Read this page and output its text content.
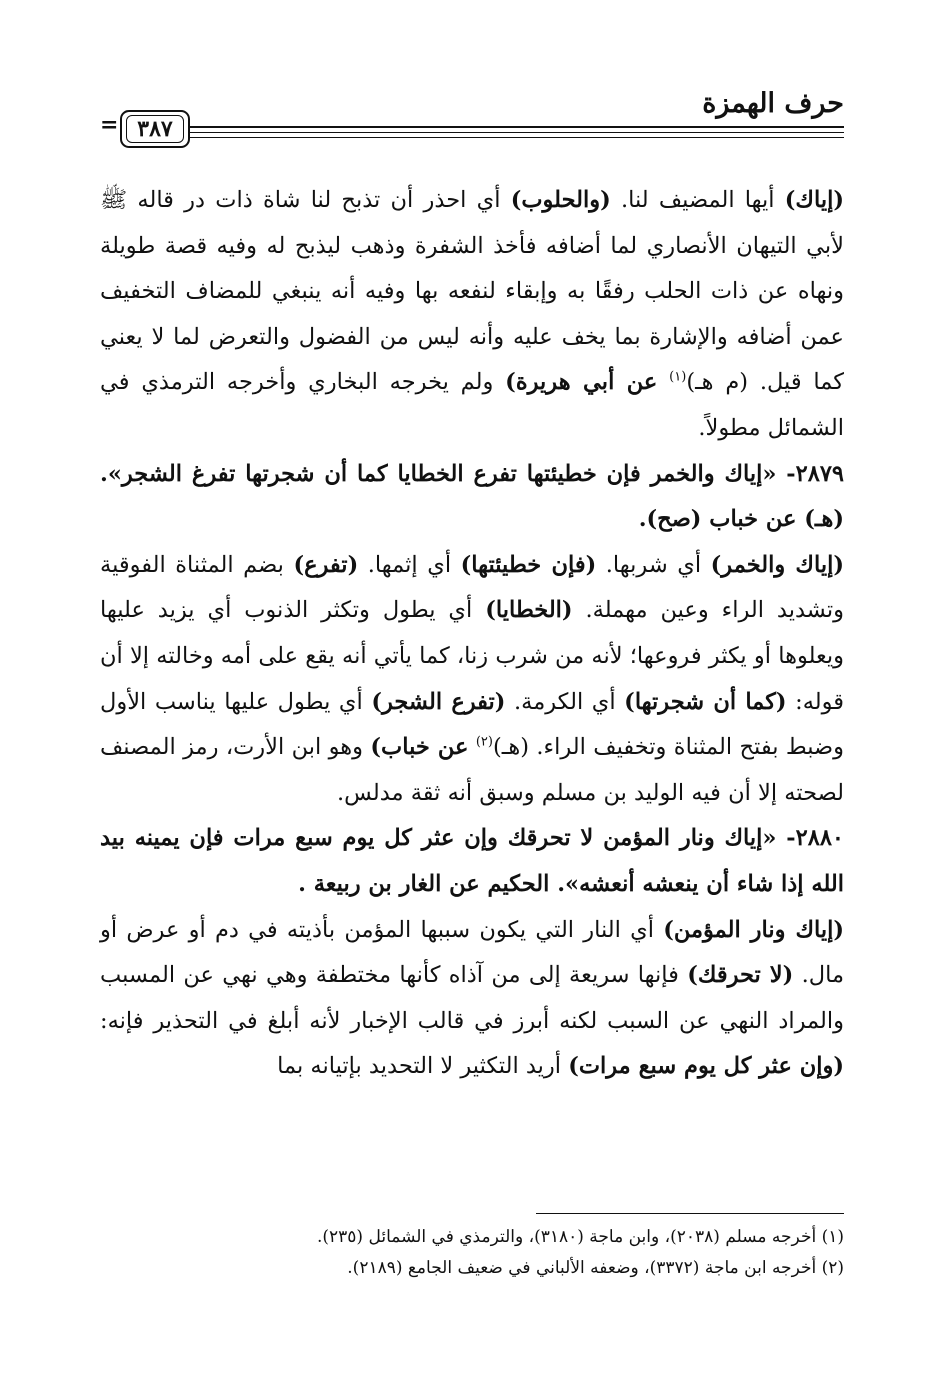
حرف الهمزة
٣٨٧
=

(إياك) أيها المضيف لنا. (والحلوب) أي احذر أن تذبح لنا شاة ذات در قاله ﷺ لأبي التيهان الأنصاري لما أضافه فأخذ الشفرة وذهب ليذبح له وفيه قصة طويلة ونهاه عن ذات الحلب رفقًا به وإبقاء لنفعه بها وفيه أنه ينبغي للمضاف التخفيف عمن أضافه والإشارة بما يخف عليه وأنه ليس من الفضول والتعرض لما لا يعني كما قيل. (م هـ)$^{(١)}$ عن أبي هريرة) ولم يخرجه البخاري وأخرجه الترمذي في الشمائل مطولاً.

٢٨٧٩- «إياك والخمر فإن خطيئتها تفرع الخطايا كما أن شجرتها تفرغ الشجر». (هـ) عن خباب (صح).

(إياك والخمر) أي شربها. (فإن خطيئتها) أي إثمها. (تفرع) بضم المثناة الفوقية وتشديد الراء وعين مهملة. (الخطايا) أي يطول وتكثر الذنوب أي يزيد عليها ويعلوها أو يكثر فروعها؛ لأنه من شرب زنا، كما يأتي أنه يقع على أمه وخالته إلا أن قوله: (كما أن شجرتها) أي الكرمة. (تفرع الشجر) أي يطول عليها يناسب الأول وضبط بفتح المثناة وتخفيف الراء. (هـ)$^{(٢)}$ عن خباب) وهو ابن الأرت، رمز المصنف لصحته إلا أن فيه الوليد بن مسلم وسبق أنه ثقة مدلس.

٢٨٨٠- «إياك ونار المؤمن لا تحرقك وإن عثر كل يوم سبع مرات فإن يمينه بيد الله إذا شاء أن ينعشه أنعشه». الحكيم عن الغار بن ربيعة .

(إياك ونار المؤمن) أي النار التي يكون سببها المؤمن بأذيته في دم أو عرض أو مال. (لا تحرقك) فإنها سريعة إلى من آذاه كأنها مختطفة وهي نهي عن المسبب والمراد النهي عن السبب لكنه أبرز في قالب الإخبار لأنه أبلغ في التحذير فإنه: (وإن عثر كل يوم سبع مرات) أريد التكثير لا التحديد بإتيانه بما

(١) أخرجه مسلم (٢٠٣٨)، وابن ماجة (٣١٨٠)، والترمذي في الشمائل (٢٣٥).

(٢) أخرجه ابن ماجة (٣٣٧٢)، وضعفه الألباني في ضعيف الجامع (٢١٨٩).
